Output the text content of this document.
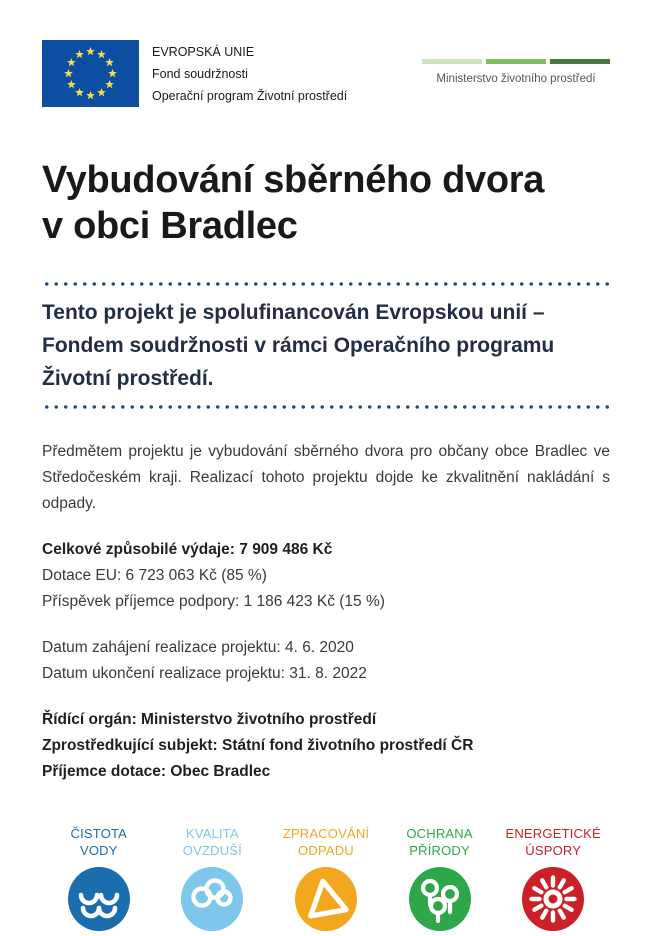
EVROPSKÁ UNIE
Fond soudržnosti
Operační program Životní prostředí
Ministerstvo životního prostředí
Vybudování sběrného dvora
v obci Bradlec
Tento projekt je spolufinancován Evropskou unií –
Fondem soudržnosti v rámci Operačního programu
Životní prostředí.

Předmětem projektu je vybudování sběrného dvora pro občany obce Bradlec ve Středočeském kraji. Realizací tohoto projektu dojde ke zkvalitnění nakládání s odpady.

Celkové způsobilé výdaje: 7 909 486 Kč
Dotace EU: 6 723 063 Kč (85 %)
Příspěvek příjemce podpory: 1 186 423 Kč (15 %)
Datum zahájení realizace projektu: 4. 6. 2020
Datum ukončení realizace projektu: 31. 8. 2022
Řídící orgán: Ministerstvo životního prostředí
Zprostředkující subjekt: Státní fond životního prostředí ČR
Příjemce dotace: Obec Bradlec
ČISTOTA
VODY
KVALITA
OVZDUŠÍ
ZPRACOVÁNÍ
ODPADU
OCHRANA
PŘÍRODY
ENERGETICKÉ
ÚSPORY
